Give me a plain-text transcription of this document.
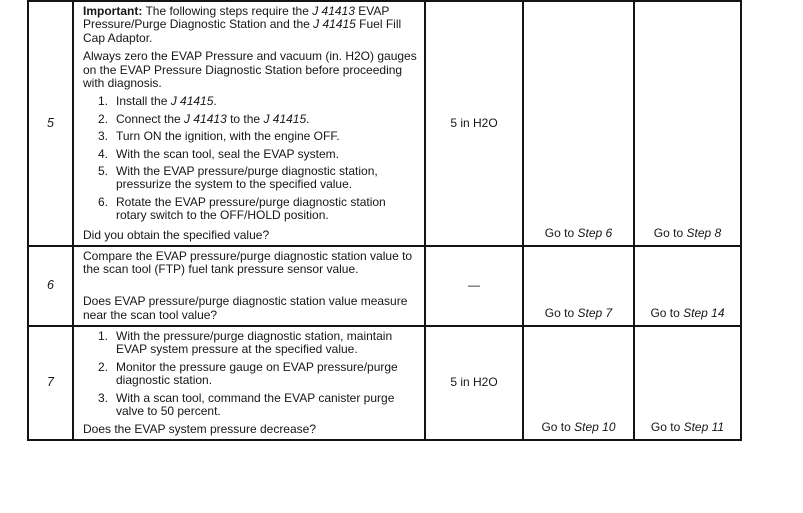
5
Important: The following steps require the J 41413 EVAP Pressure/Purge Diagnostic Station and the J 41415 Fuel Fill Cap Adaptor.
Always zero the EVAP Pressure and vacuum (in. H2O) gauges on the EVAP Pressure Diagnostic Station before proceeding with diagnosis.
1. Install the J 41415.
2. Connect the J 41413 to the J 41415.
3. Turn ON the ignition, with the engine OFF.
4. With the scan tool, seal the EVAP system.
5. With the EVAP pressure/purge diagnostic station, pressurize the system to the specified value.
6. Rotate the EVAP pressure/purge diagnostic station rotary switch to the OFF/HOLD position.
Did you obtain the specified value?
5 in H2O
Go to Step 6	Go to Step 8
6
Compare the EVAP pressure/purge diagnostic station value to the scan tool (FTP) fuel tank pressure sensor value.
Does EVAP pressure/purge diagnostic station value measure near the scan tool value?
—
Go to Step 7	Go to Step 14
7
1. With the pressure/purge diagnostic station, maintain EVAP system pressure at the specified value.
2. Monitor the pressure gauge on EVAP pressure/purge diagnostic station.
3. With a scan tool, command the EVAP canister purge valve to 50 percent.
Does the EVAP system pressure decrease?
5 in H2O
Go to Step 10	Go to Step 11
